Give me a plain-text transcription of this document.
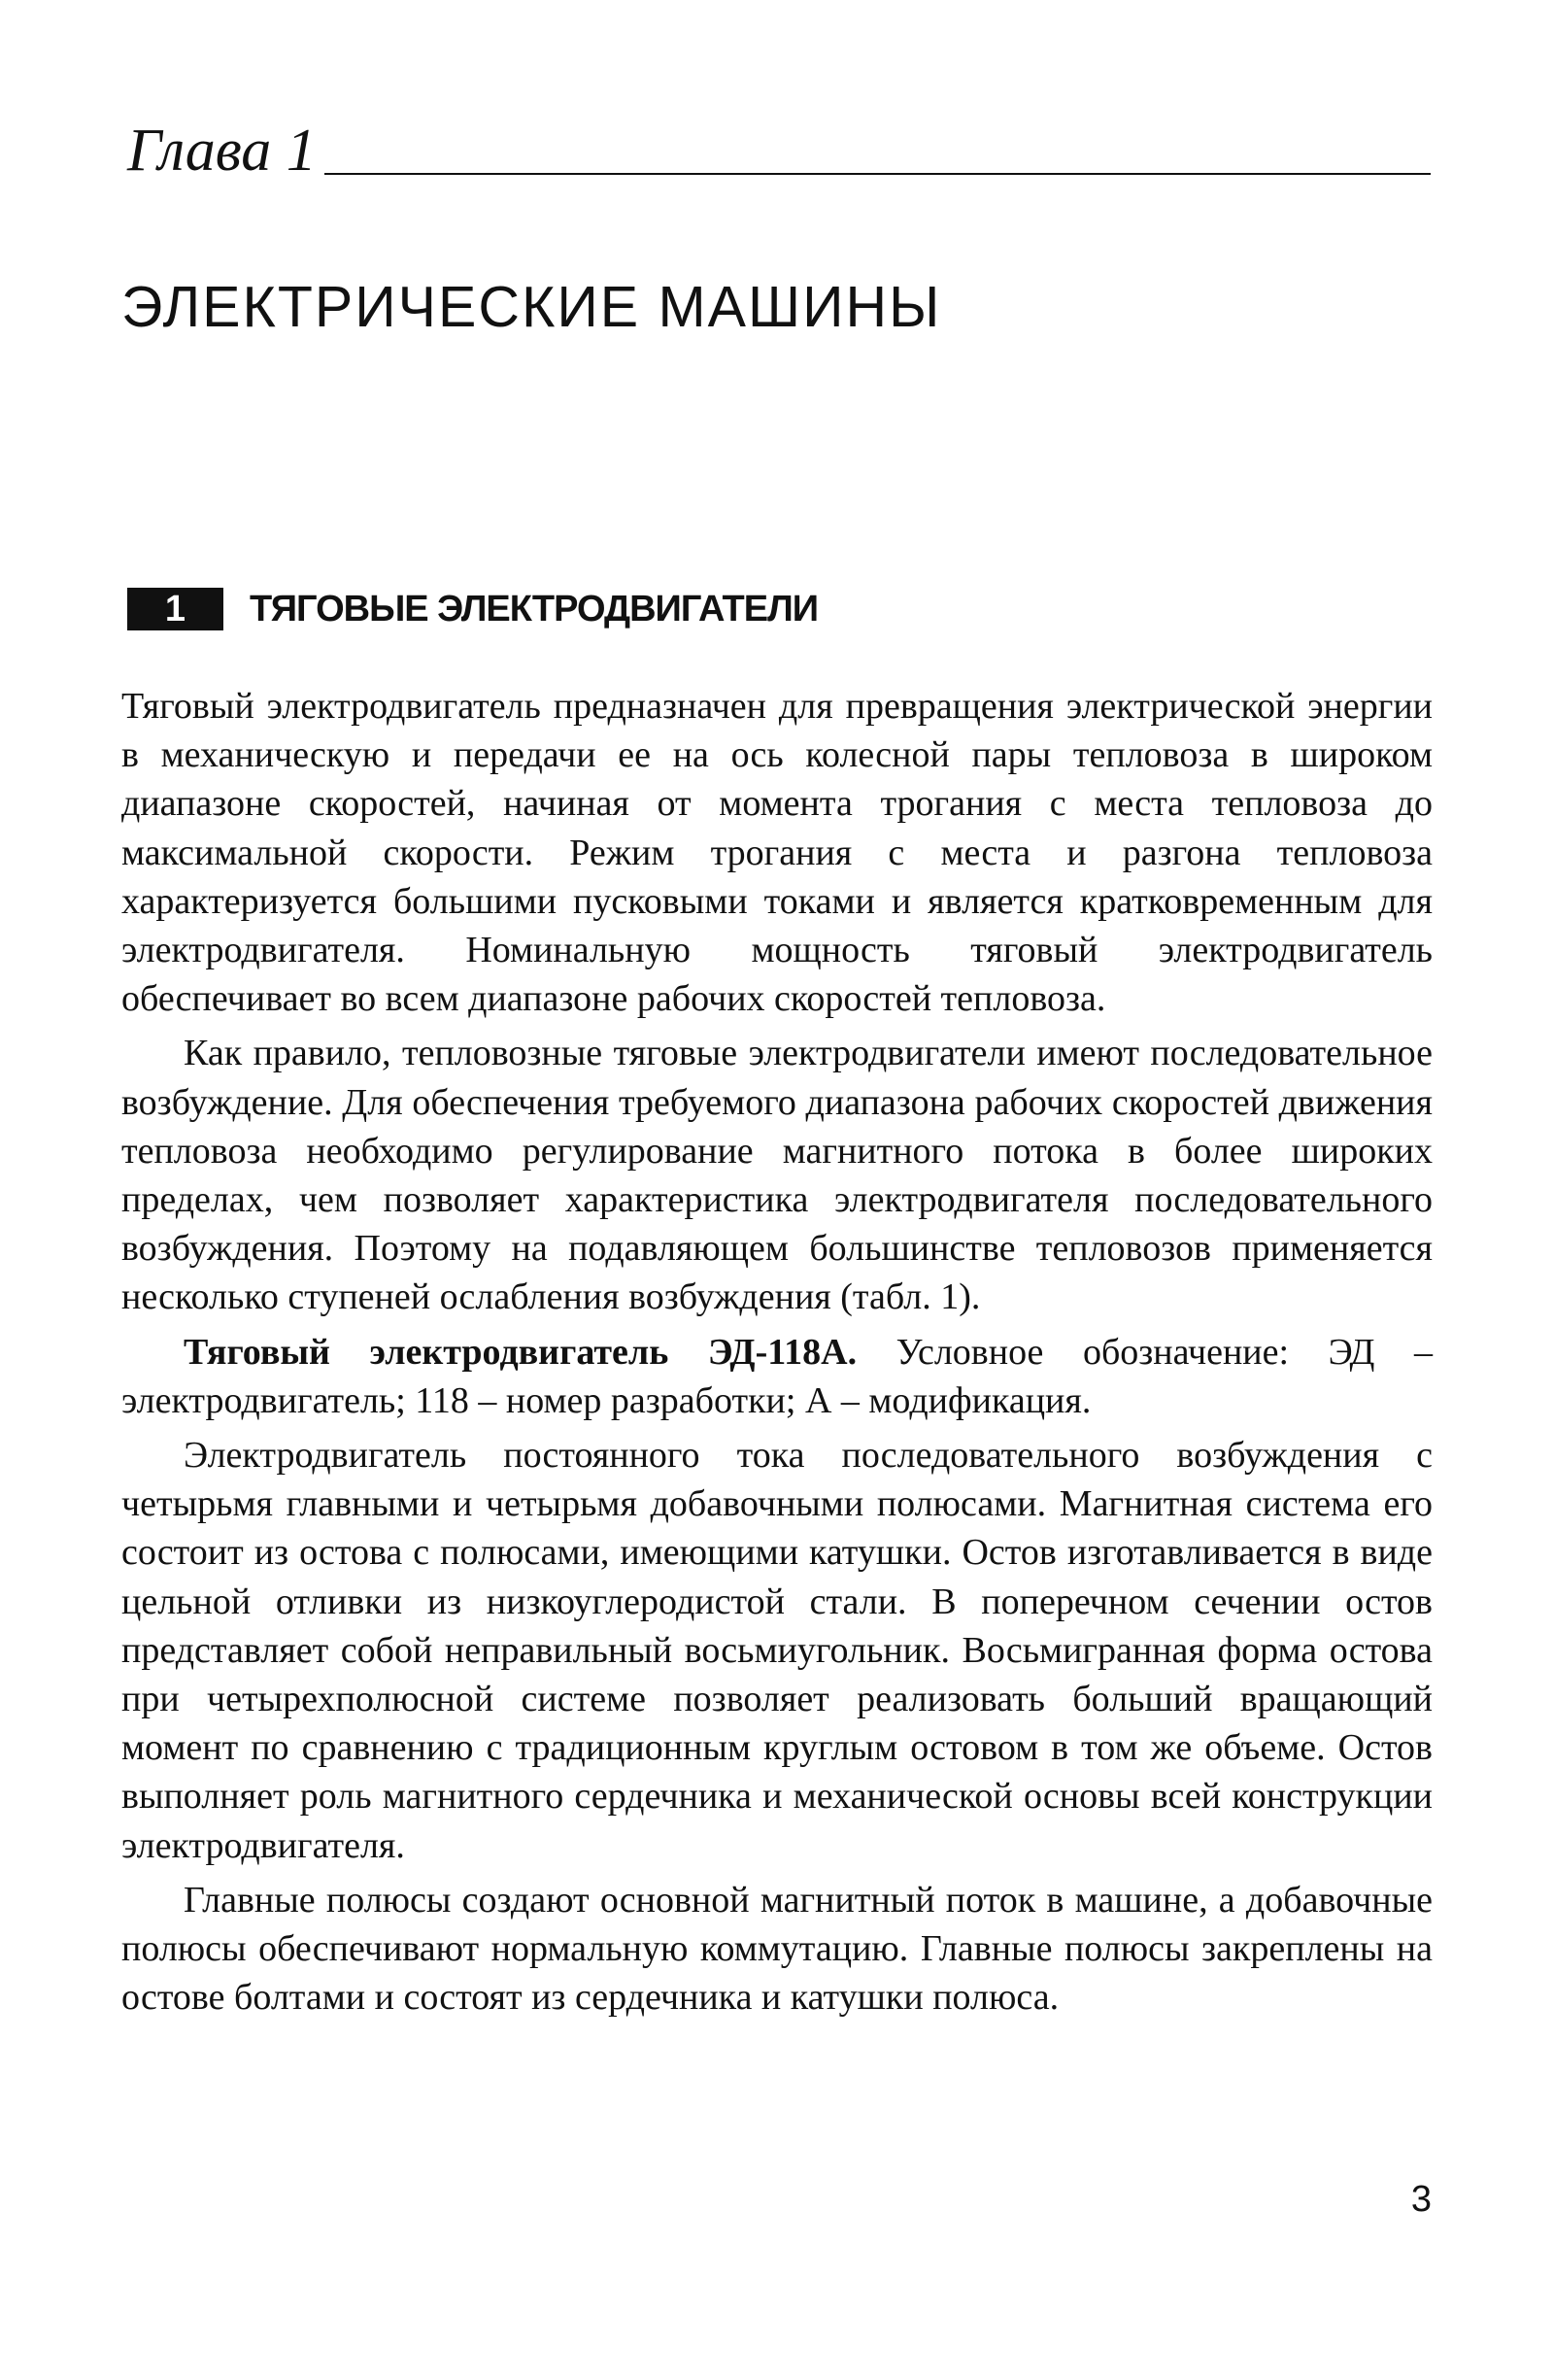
Глава 1
ЭЛЕКТРИЧЕСКИЕ МАШИНЫ
1	ТЯГОВЫЕ ЭЛЕКТРОДВИГАТЕЛИ

Тяговый электродвигатель предназначен для превращения электрической энергии в механическую и передачи ее на ось колесной пары тепловоза в широком диапазоне скоростей, начиная от момента трогания с места тепловоза до максимальной скорости. Режим трогания с места и разгона тепловоза характеризуется большими пусковыми токами и является кратковременным для электродвигателя. Номинальную мощность тяговый электродвигатель обеспечивает во всем диапазоне рабочих скоростей тепловоза.

Как правило, тепловозные тяговые электродвигатели имеют последовательное возбуждение. Для обеспечения требуемого диапазона рабочих скоростей движения тепловоза необходимо регулирование магнитного потока в более широких пределах, чем позволяет характеристика электродвигателя последовательного возбуждения. Поэтому на подавляющем большинстве тепловозов применяется несколько ступеней ослабления возбуждения (табл. 1).

Тяговый электродвигатель ЭД-118А. Условное обозначение: ЭД – электродвигатель; 118 – номер разработки; А – модификация.

Электродвигатель постоянного тока последовательного возбуждения с четырьмя главными и четырьмя добавочными полюсами. Магнитная система его состоит из остова с полюсами, имеющими катушки. Остов изготавливается в виде цельной отливки из низкоуглеродистой стали. В поперечном сечении остов представляет собой неправильный восьмиугольник. Восьмигранная форма остова при четырехполюсной системе позволяет реализовать больший вращающий момент по сравнению с традиционным круглым остовом в том же объеме. Остов выполняет роль магнитного сердечника и механической основы всей конструкции электродвигателя.

Главные полюсы создают основной магнитный поток в машине, а добавочные полюсы обеспечивают нормальную коммутацию. Главные полюсы закреплены на остове болтами и состоят из сердечника и катушки полюса.

3
